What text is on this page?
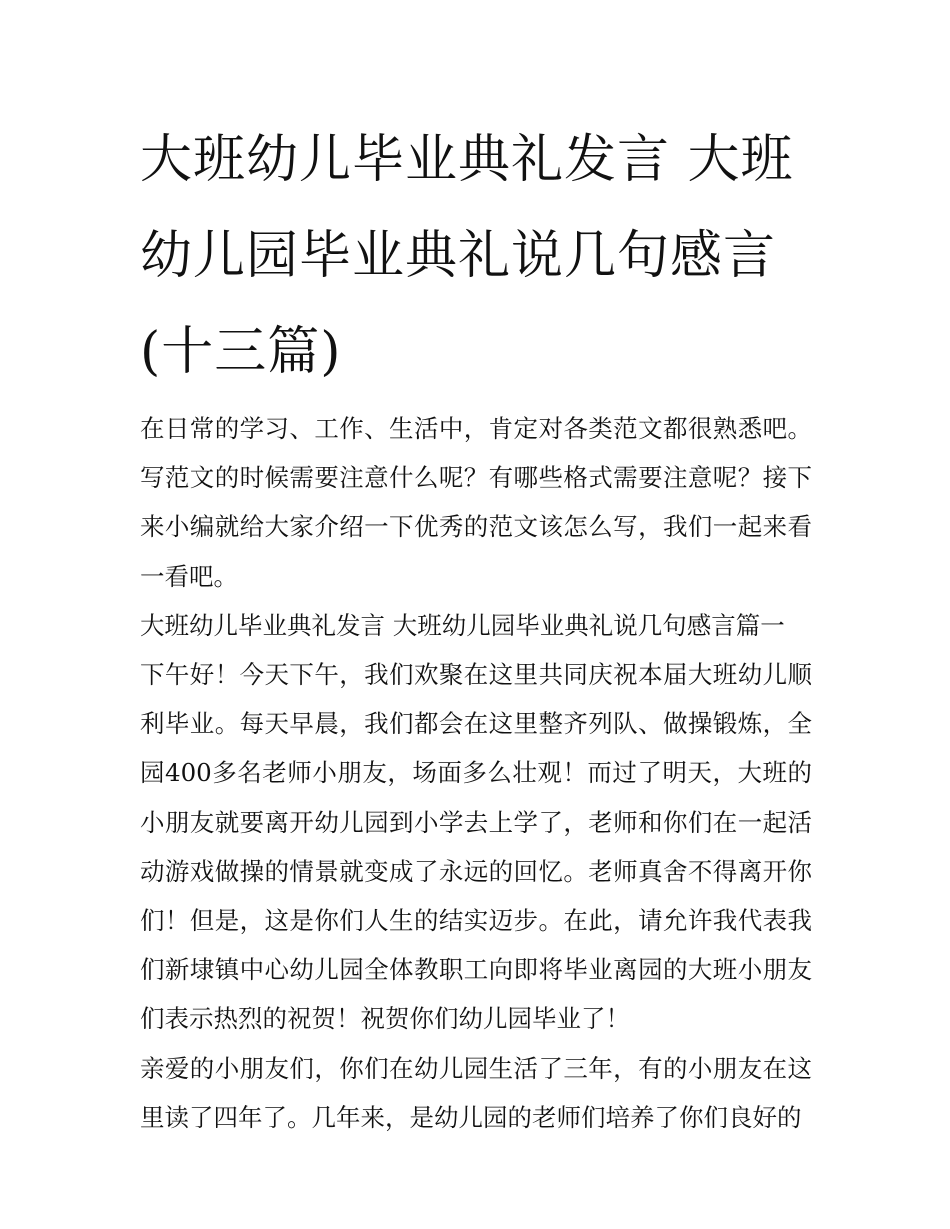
大班幼儿毕业典礼发言 大班幼儿园毕业典礼说几句感言(十三篇)

在日常的学习、工作、生活中，肯定对各类范文都很熟悉吧。写范文的时候需要注意什么呢？有哪些格式需要注意呢？接下来小编就给大家介绍一下优秀的范文该怎么写，我们一起来看一看吧。

大班幼儿毕业典礼发言 大班幼儿园毕业典礼说几句感言篇一

下午好！今天下午，我们欢聚在这里共同庆祝本届大班幼儿顺利毕业。每天早晨，我们都会在这里整齐列队、做操锻炼，全园400多名老师小朋友，场面多么壮观！而过了明天，大班的小朋友就要离开幼儿园到小学去上学了，老师和你们在一起活动游戏做操的情景就变成了永远的回忆。老师真舍不得离开你们！但是，这是你们人生的结实迈步。在此，请允许我代表我们新埭镇中心幼儿园全体教职工向即将毕业离园的大班小朋友们表示热烈的祝贺！祝贺你们幼儿园毕业了！

亲爱的小朋友们，你们在幼儿园生活了三年，有的小朋友在这里读了四年了。几年来，是幼儿园的老师们培养了你们良好的
